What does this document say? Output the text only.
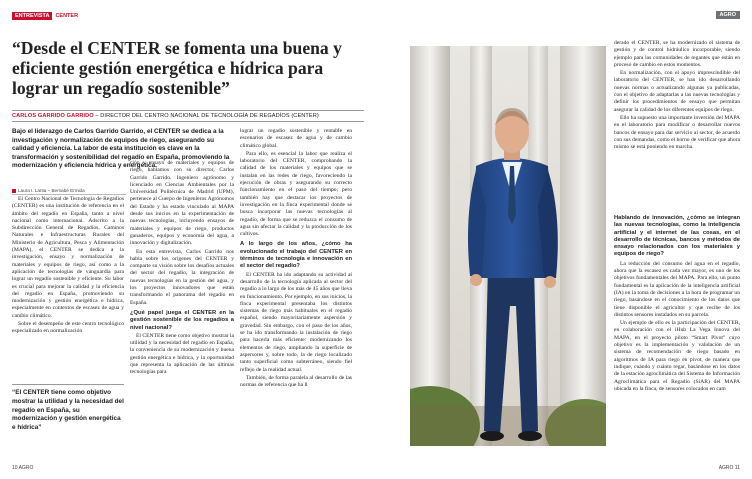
ENTREVISTA	CENTER
“Desde el CENTER se fomenta una buena y eficiente gestión energética e hídrica para lograr un regadío sostenible”
CARLOS GARRIDO GARRIDO – DIRECTOR DEL CENTRO NACIONAL DE TECNOLOGÍA DE REGADÍOS (CENTER)

Bajo el liderazgo de Carlos Garrido Garrido, el CENTER se dedica a la investigación y normalización de equipos de riego, asegurando su calidad y eficiencia. La labor de esta institución es clave en la transformación y sostenibilidad del regadío en España, promoviendo la modernización y eficiencia hídrica y energética.

Laura I. Lanta – Bernabé Ermida

El Centro Nacional de Tecnología de Regadíos (CENTER) es una institución de referencia en el ámbito del regadío en España, tanto a nivel nacional como internacional. Adscrito a la Subdirección General de Regadíos, Caminos Naturales e Infraestructuras Rurales del Ministerio de Agricultura, Pesca y Alimentación (MAPA), el CENTER se dedica a la investigación, ensayo y normalización de materiales y equipos de riego, así como a la aplicación de tecnologías de vanguardia para lograr un regadío sostenible y eficiente. Su labor es crucial para mejorar la calidad y la eficiencia del regadío en España, promoviendo su modernización y gestión energética e hídrica, especialmente en contextos de escasez de agua y cambio climático.

Sobre el desempeño de este centro tecnológico especializado en normalización

“El CENTER tiene como objetivo mostrar la utilidad y la necesidad del regadío en España, su modernización y gestión energética e hídrica”

ción y ensayo de materiales y equipos de riego, hablamos con su director, Carlos Garrido Garrido. Ingeniero agrónomo y licenciado en Ciencias Ambientales por la Universidad Politécnica de Madrid (UPM), pertenece al Cuerpo de Ingenieros Agrónomos del Estado y ha estado vinculado al MAPA desde sus inicios en la experimentación de nuevas tecnologías, incluyendo ensayos de materiales y equipos de riego, productos ganaderos, equipos y economía del agua, a innovación y digitalización.

En esta entrevista, Carlos Garrido nos habla sobre los orígenes del CENTER y comparte su visión sobre los desafíos actuales del sector del regadío, la integración de nuevas tecnologías en la gestión del agua, y los proyectos innovadores que están transformando el panorama del regadío en España.

¿Qué papel juega el CENTER en la gestión sostenible de los regadíos a nivel nacional?

El CENTER tiene como objetivo mostrar la utilidad y la necesidad del regadío en España, la conveniencia de su modernización y buena gestión energética e hídrica, y la oportunidad que representa la aplicación de las últimas tecnologías para

lograr un regadío sostenible y rentable en escenarios de escasez de agua y de cambio climático global.

Para ello, es esencial la labor que realiza el laboratorio del CENTER, comprobando la calidad de los materiales y equipos que se instalan en las redes de riego, favoreciendo la ejecución de obras y asegurando su correcto funcionamiento en el paso del tiempo; pero también hay que destacar los proyectos de investigación en la finca experimental donde se busca incorporar las nuevas tecnologías al regadío, de forma que se reduzca el consumo de agua sin afectar la calidad y la producción de los cultivos.

A lo largo de los años, ¿cómo ha evolucionado el trabajo del CENTER en términos de tecnología e innovación en el sector del regadío?

El CENTER ha ido adaptando su actividad al desarrollo de la tecnología aplicada al sector del regadío a lo largo de los más de 45 años que lleva en funcionamiento. Por ejemplo, en sus inicios, la finca experimental presentaba los distintos sistemas de riego más habituales en el regadío español, siendo mayoritariamente aspersión y gravedad. Sin embargo, con el paso de los años, se ha ido transformando la instalación de riego para hacerla más eficiente: modernizando los elementos de riego, ampliando la superficie de aspersores y, sobre todo, la de riego localizado tanto superficial como subterráneo, siendo fiel reflejo de la realidad actual.

También, de forma paralela al desarrollo de las normas de referencia que ha ll

10 AGRO
AGRO

derado el CENTER, se ha modernizado el sistema de gestión y de control hidráulico incorporable, siendo ejemplo para las comunidades de regantes que están en proceso de cambio en estos momentos.

En normalización, con el apoyo imprescindible del laboratorio del CENTER, se han ido desarrollando nuevas normas o actualizando algunas ya publicadas, con el objetivo de adaptarlas a las nuevas tecnologías y definir los procedimientos de ensayo que permitan asegurar la calidad de los diferentes equipos de riego.

Ello ha supuesto una importante inversión del MAPA en el laboratorio para modificar o desarrollar nuevos bancos de ensayo para dar servicio al sector, de acuerdo con sus demandas, como el horno de verificar que ahora mismo se está poniendo en marcha.

Hablando de innovación, ¿cómo se integran las nuevas tecnologías, como la inteligencia artificial y el internet de las cosas, en el desarrollo de técnicas, bancos y métodos de ensayo relacionados con los materiales y equipos de riego?

La reducción del consumo del agua en el regadío, ahora que la escasez es cada vez mayor, es uno de los objetivos fundamentales del MAPA. Para ello, un punto fundamental es la aplicación de la inteligencia artificial (IA) en la toma de decisiones a la hora de programar un riego, basándose en el conocimiento de los datos que tiene disponible el agricultor y que recibe de los distintos sensores instalados en su parcela.

Un ejemplo de ello es la participación del CENTER, en colaboración con el iHub La Vega Innova del MAPA, en el proyecto piloto “Smart Pivot” cuyo objetivo es la implementación y validación de un sistema de recomendación de riego basado en algoritmos de IA para riego en pívot, de manera que indique, cuándo y cuánto regar, basándose en los datos de la estación agroclimática del Sistema de Información Agroclimática para el Regadío (SiAR) del MAPA ubicada en la finca, de sensores colocados en cam

AGRO 11
